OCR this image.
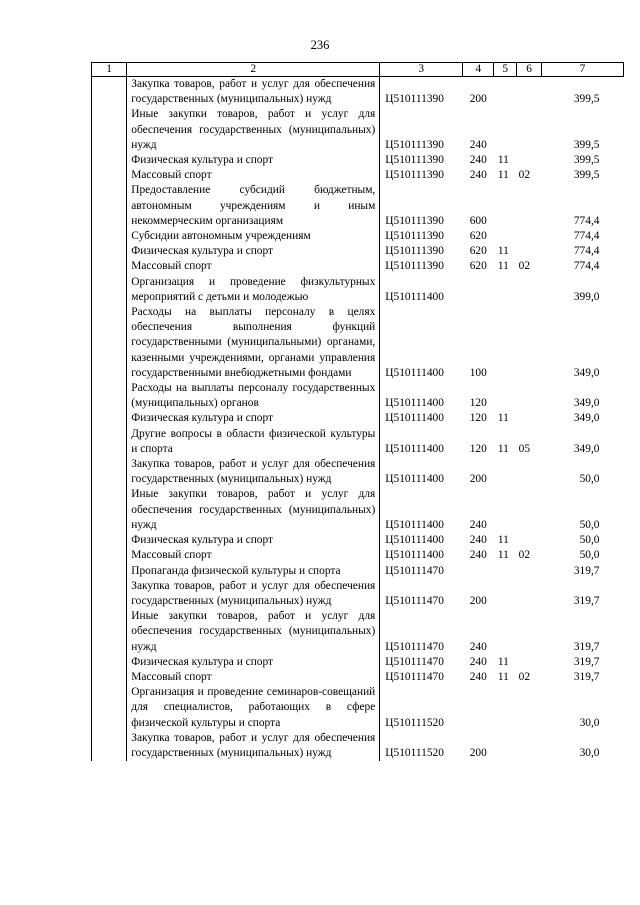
236
1	2	3	4	5	6	7
	Закупка товаров, работ и услуг для обеспечения государственных (муниципальных) нужд	Ц510111390	200			399,5
	Иные закупки товаров, работ и услуг для обеспечения государственных (муниципальных) нужд	Ц510111390	240			399,5
	Физическая культура и спорт	Ц510111390	240	11		399,5
	Массовый спорт	Ц510111390	240	11	02	399,5
	Предоставление субсидий бюджетным, автономным учреждениям и иным некоммерческим организациям	Ц510111390	600			774,4
	Субсидии автономным учреждениям	Ц510111390	620			774,4
	Физическая культура и спорт	Ц510111390	620	11		774,4
	Массовый спорт	Ц510111390	620	11	02	774,4
	Организация и проведение физкультурных мероприятий с детьми и молодежью	Ц510111400				399,0
	Расходы на выплаты персоналу в целях обеспечения выполнения функций государственными (муниципальными) органами, казенными учреждениями, органами управления государственными внебюджетными фондами	Ц510111400	100			349,0
	Расходы на выплаты персоналу государственных (муниципальных) органов	Ц510111400	120			349,0
	Физическая культура и спорт	Ц510111400	120	11		349,0
	Другие вопросы в области физической культуры и спорта	Ц510111400	120	11	05	349,0
	Закупка товаров, работ и услуг для обеспечения государственных (муниципальных) нужд	Ц510111400	200			50,0
	Иные закупки товаров, работ и услуг для обеспечения государственных (муниципальных) нужд	Ц510111400	240			50,0
	Физическая культура и спорт	Ц510111400	240	11		50,0
	Массовый спорт	Ц510111400	240	11	02	50,0
	Пропаганда физической культуры и спорта	Ц510111470				319,7
	Закупка товаров, работ и услуг для обеспечения государственных (муниципальных) нужд	Ц510111470	200			319,7
	Иные закупки товаров, работ и услуг для обеспечения государственных (муниципальных) нужд	Ц510111470	240			319,7
	Физическая культура и спорт	Ц510111470	240	11		319,7
	Массовый спорт	Ц510111470	240	11	02	319,7
	Организация и проведение семинаров-совещаний для специалистов, работающих в сфере физической культуры и спорта	Ц510111520				30,0
	Закупка товаров, работ и услуг для обеспечения государственных (муниципальных) нужд	Ц510111520	200			30,0
